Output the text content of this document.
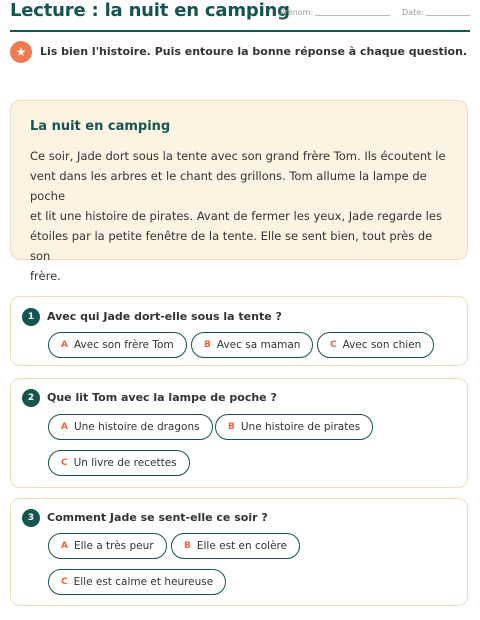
Lecture : la nuit en camping
Prénom:	Date:
★	Lis bien l'histoire. Puis entoure la bonne réponse à chaque question.
La nuit en camping
Ce soir, Jade dort sous la tente avec son grand frère Tom. Ils écoutent le
vent dans les arbres et le chant des grillons. Tom allume la lampe de poche
et lit une histoire de pirates. Avant de fermer les yeux, Jade regarde les
étoiles par la petite fenêtre de la tente. Elle se sent bien, tout près de son
frère.
1	Avec qui Jade dort-elle sous la tente ?
A Avec son frère Tom	B Avec sa maman	C Avec son chien
2	Que lit Tom avec la lampe de poche ?
A Une histoire de dragons	B Une histoire de pirates
C Un livre de recettes
3	Comment Jade se sent-elle ce soir ?
A Elle a très peur	B Elle est en colère
C Elle est calme et heureuse
